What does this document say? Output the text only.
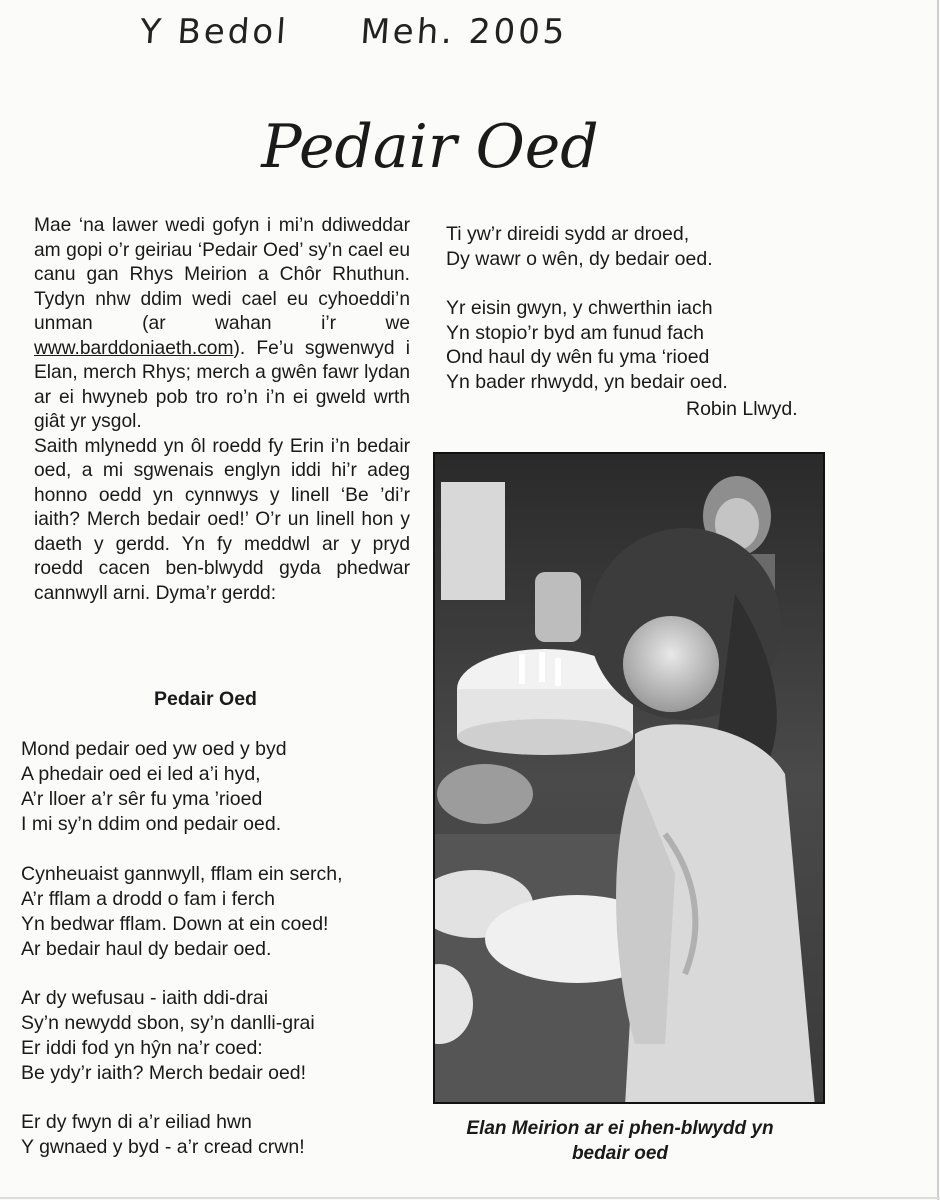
Y Bedol Meh. 2005
Pedair Oed

Mae ‘na lawer wedi gofyn i mi’n ddiweddar am gopi o’r geiriau ‘Pedair Oed’ sy’n cael eu canu gan Rhys Meirion a Chôr Rhuthun. Tydyn nhw ddim wedi cael eu cyhoeddi’n unman (ar wahan i’r we www.barddoniaeth.com). Fe’u sgwenwyd i Elan, merch Rhys; merch a gwên fawr lydan ar ei hwyneb pob tro ro’n i’n ei gweld wrth giât yr ysgol.

Saith mlynedd yn ôl roedd fy Erin i’n bedair oed, a mi sgwenais englyn iddi hi’r adeg honno oedd yn cynnwys y linell ‘Be ’di’r iaith? Merch bedair oed!’ O’r un linell hon y daeth y gerdd. Yn fy meddwl ar y pryd roedd cacen ben-blwydd gyda phedwar cannwyll arni. Dyma’r gerdd:

Pedair Oed
Mond pedair oed yw oed y byd
A phedair oed ei led a’i hyd,
A’r lloer a’r sêr fu yma ’rioed
I mi sy’n ddim ond pedair oed.
Cynheuaist gannwyll, fflam ein serch,
A’r fflam a drodd o fam i ferch
Yn bedwar fflam. Down at ein coed!
Ar bedair haul dy bedair oed.
Ar dy wefusau - iaith ddi-drai
Sy’n newydd sbon, sy’n danlli-grai
Er iddi fod yn hŷn na’r coed:
Be ydy’r iaith? Merch bedair oed!
Er dy fwyn di a’r eiliad hwn
Y gwnaed y byd - a’r cread crwn!
Ti yw’r direidi sydd ar droed,
Dy wawr o wên, dy bedair oed.
Yr eisin gwyn, y chwerthin iach
Yn stopio’r byd am funud fach
Ond haul dy wên fu yma ‘rioed
Yn bader rhwydd, yn bedair oed.
Robin Llwyd.
Elan Meirion ar ei phen-blwydd yn
bedair oed
